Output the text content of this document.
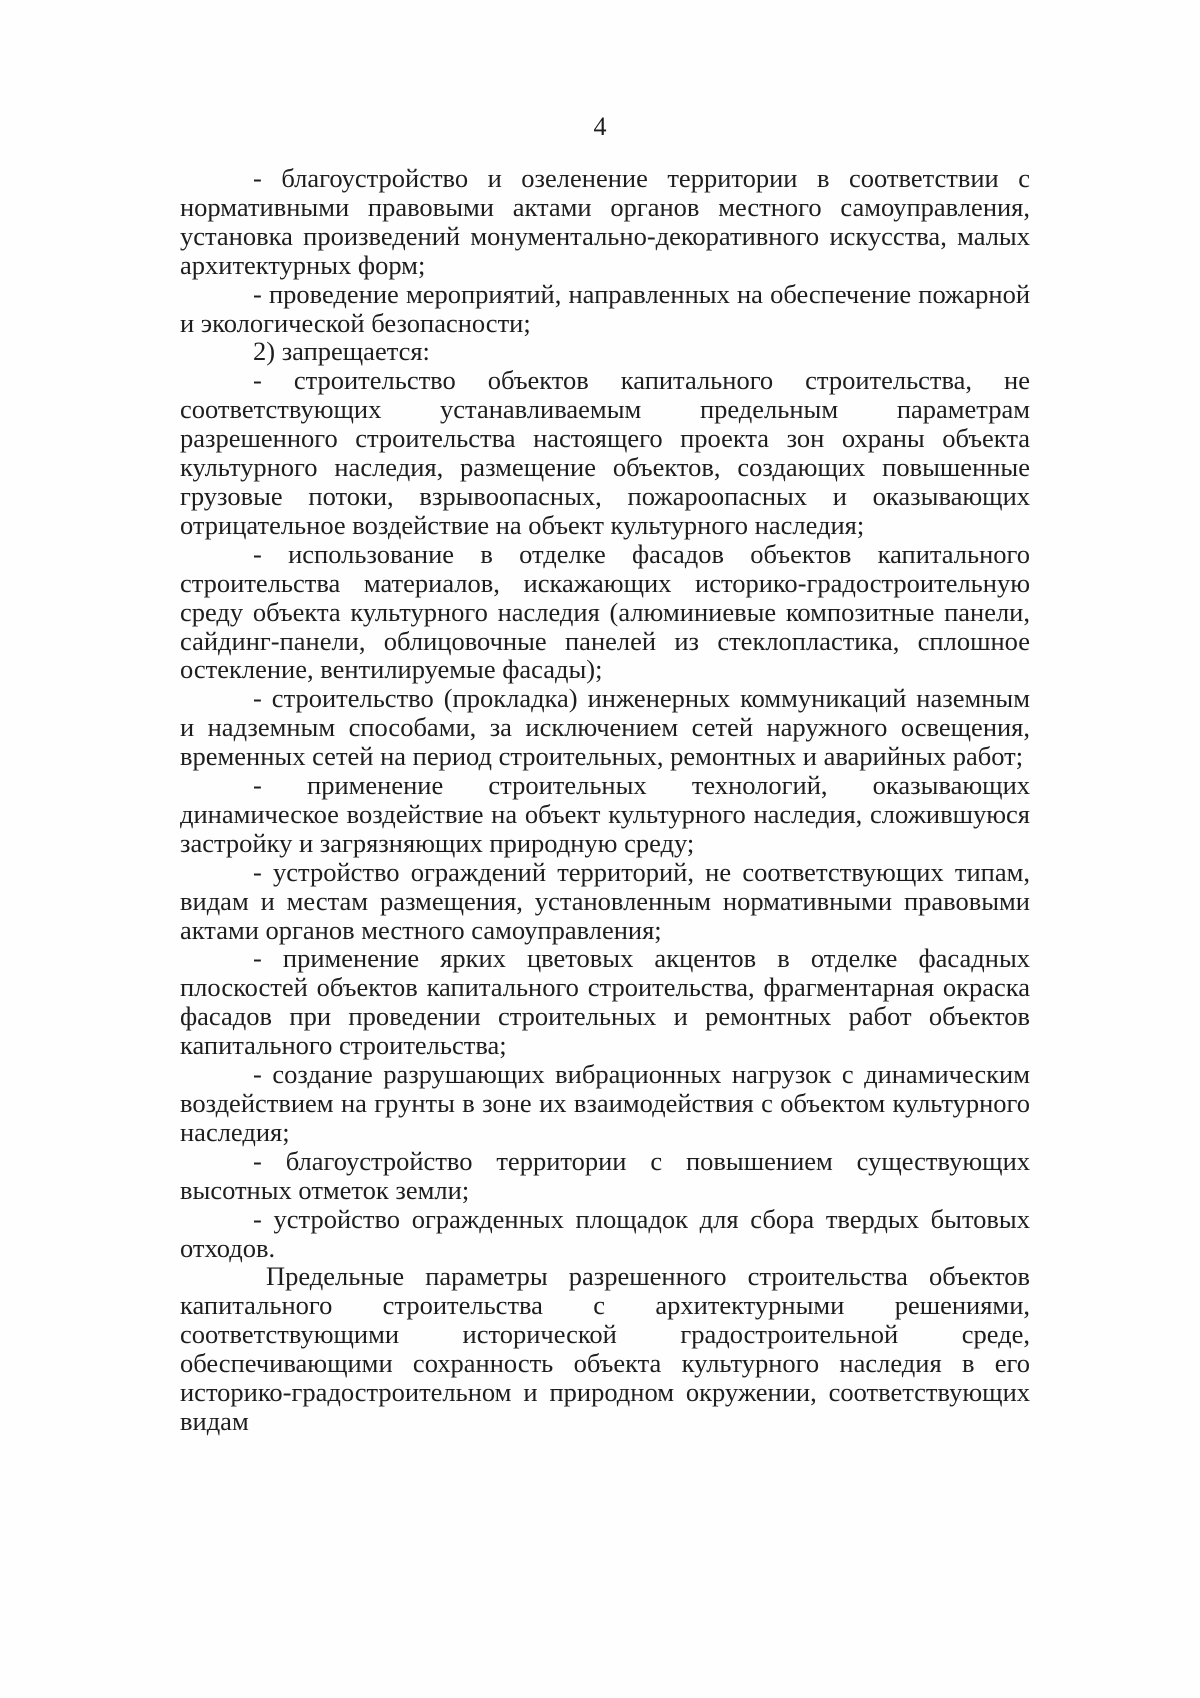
4

- благоустройство и озеленение территории в соответствии с нормативными правовыми актами органов местного самоуправления, установка произведений монументально-декоративного искусства, малых архитектурных форм;

- проведение мероприятий, направленных на обеспечение пожарной и экологической безопасности;

2) запрещается:

- строительство объектов капитального строительства, не соответствующих устанавливаемым предельным параметрам разрешенного строительства настоящего проекта зон охраны объекта культурного наследия, размещение объектов, создающих повышенные грузовые потоки, взрывоопасных, пожароопасных и оказывающих отрицательное воздействие на объект культурного наследия;

- использование в отделке фасадов объектов капитального строительства материалов, искажающих историко-градостроительную среду объекта культурного наследия (алюминиевые композитные панели, сайдинг-панели, облицовочные панелей из стеклопластика, сплошное остекление, вентилируемые фасады);

- строительство (прокладка) инженерных коммуникаций наземным и надземным способами, за исключением сетей наружного освещения, временных сетей на период строительных, ремонтных и аварийных работ;

- применение строительных технологий, оказывающих динамическое воздействие на объект культурного наследия, сложившуюся застройку и загрязняющих природную среду;

- устройство ограждений территорий, не соответствующих типам, видам и местам размещения, установленным нормативными правовыми актами органов местного самоуправления;

- применение ярких цветовых акцентов в отделке фасадных плоскостей объектов капитального строительства, фрагментарная окраска фасадов при проведении строительных и ремонтных работ объектов капитального строительства;

- создание разрушающих вибрационных нагрузок с динамическим воздействием на грунты в зоне их взаимодействия с объектом культурного наследия;

- благоустройство территории с повышением существующих высотных отметок земли;

- устройство огражденных площадок для сбора твердых бытовых отходов.

Предельные параметры разрешенного строительства объектов капитального строительства с архитектурными решениями, соответствующими исторической градостроительной среде, обеспечивающими сохранность объекта культурного наследия в его историко-градостроительном и природном окружении, соответствующих видам
